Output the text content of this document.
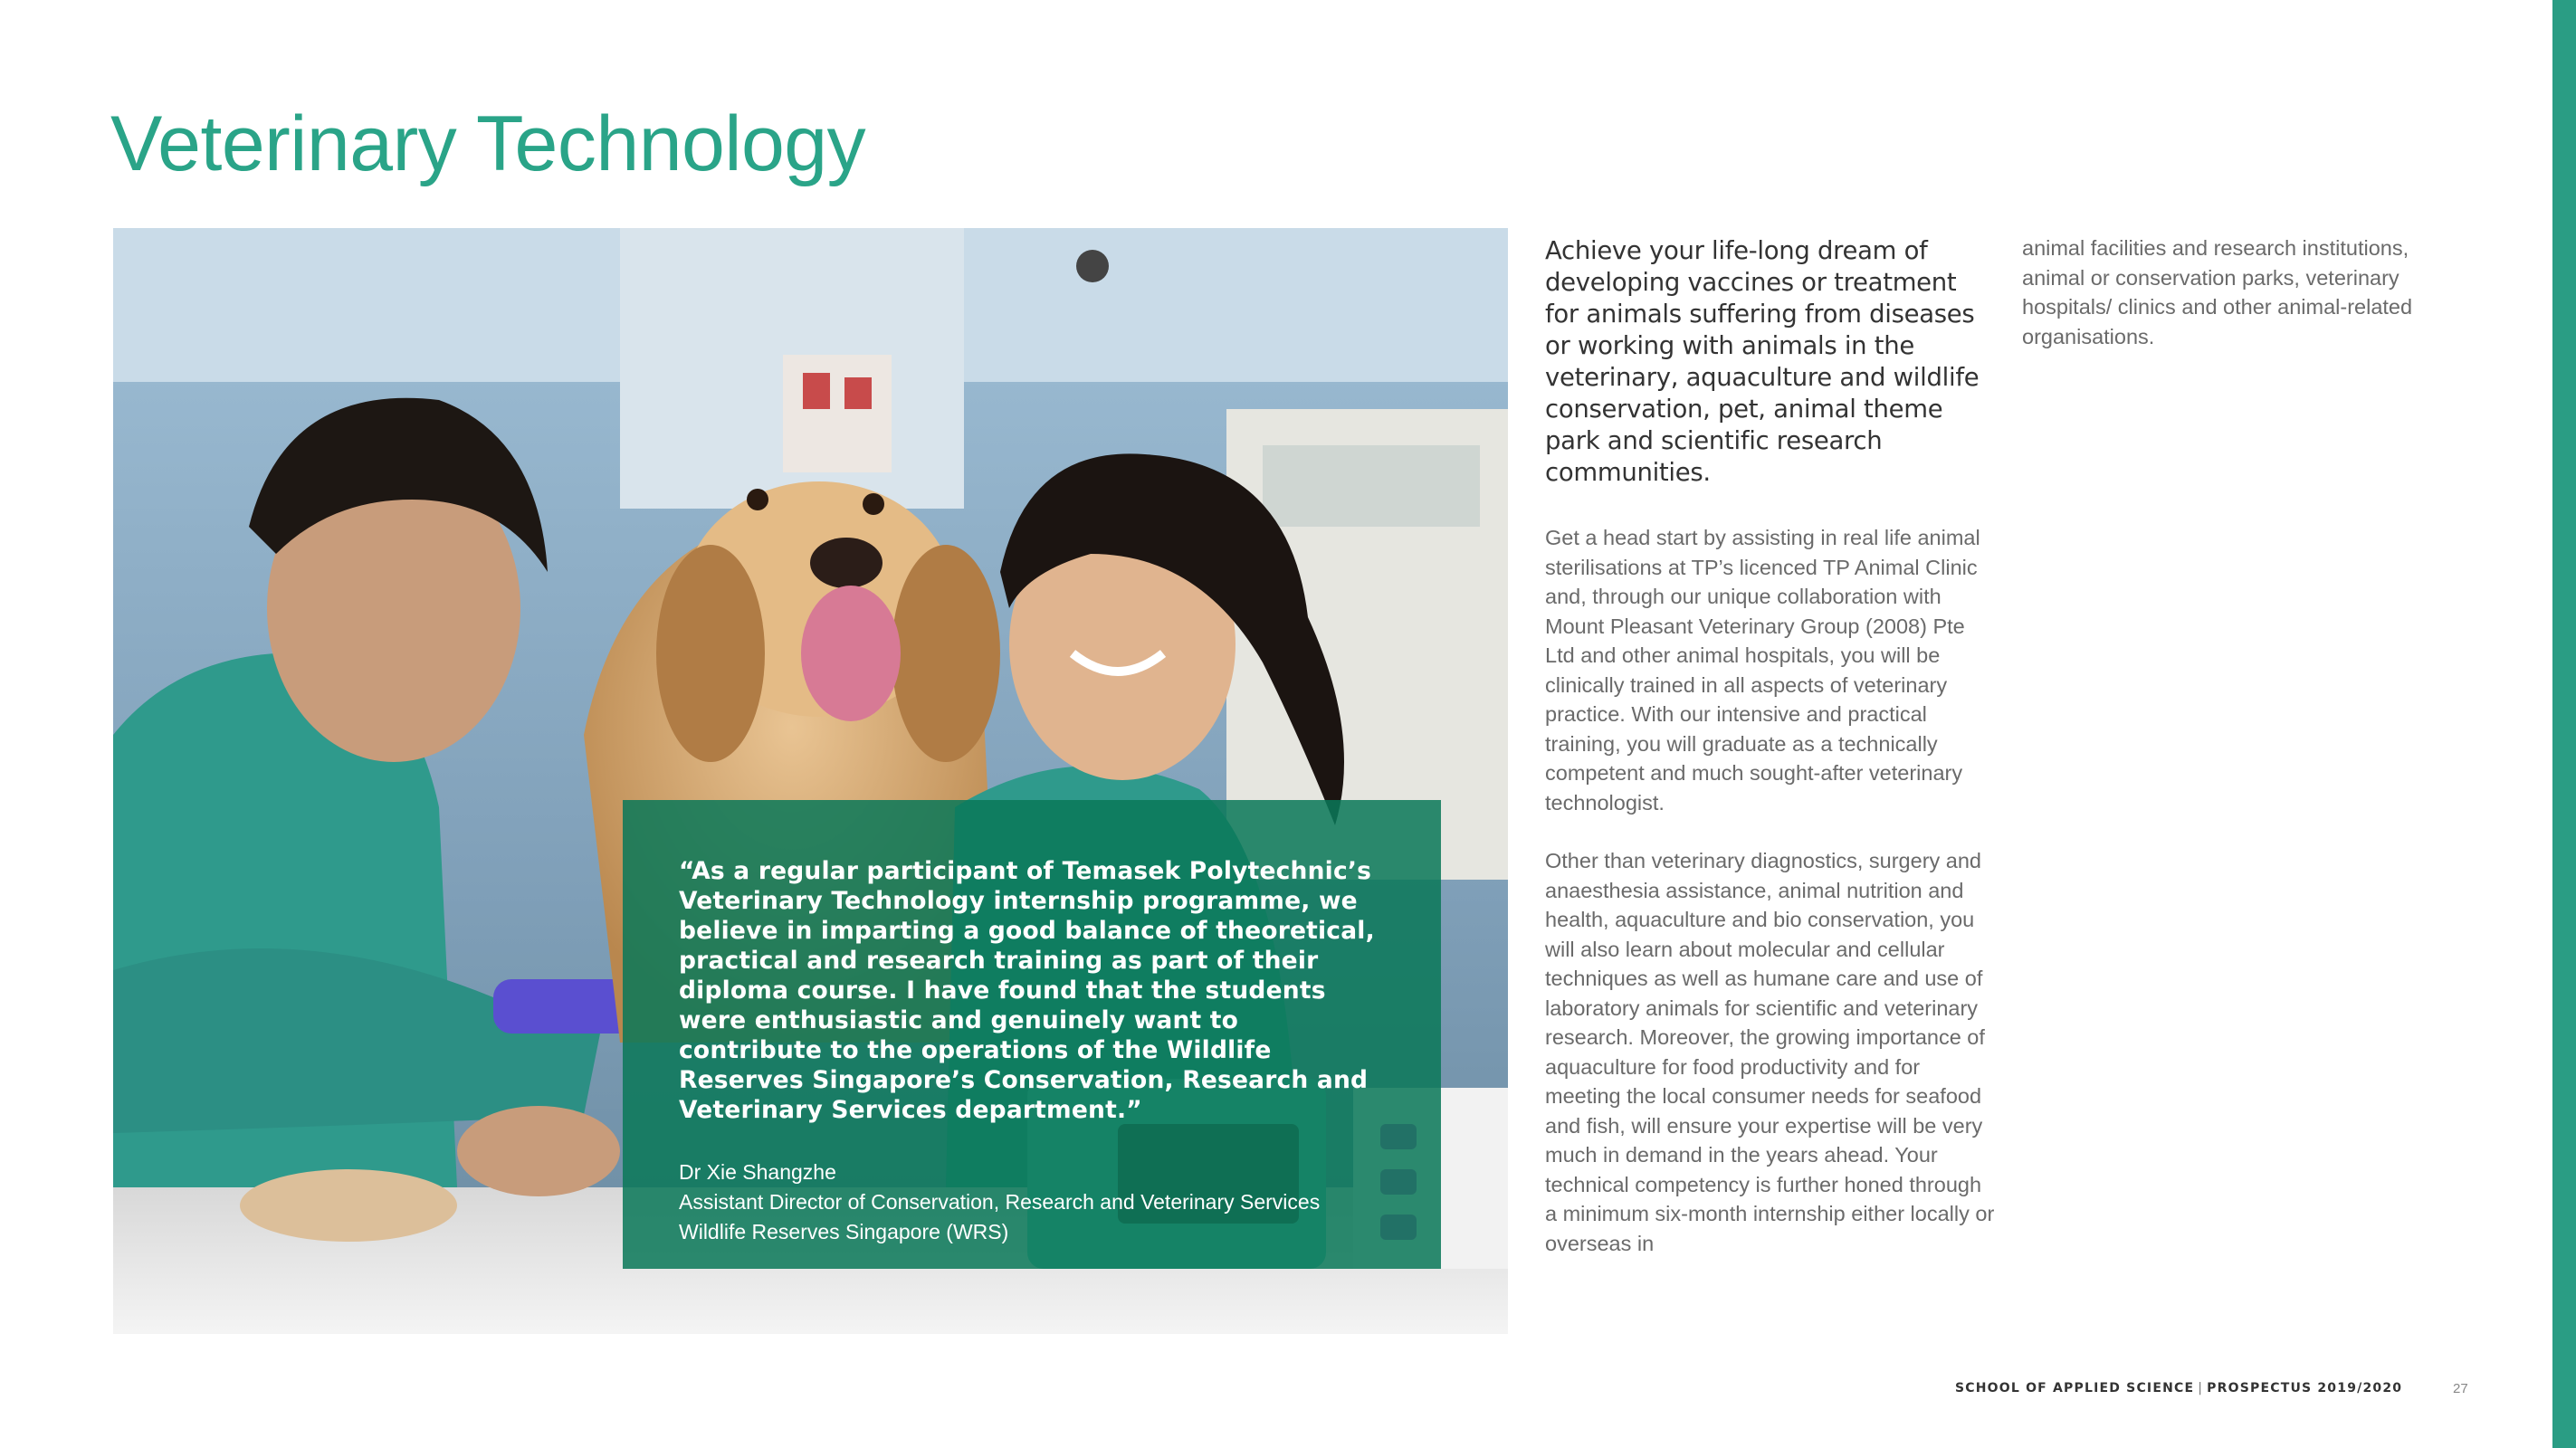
Veterinary Technology

“As a regular participant of Temasek Polytechnic’s Veterinary Technology internship programme, we believe in imparting a good balance of theoretical, practical and research training as part of their diploma course. I have found that the students were enthusiastic and genuinely want to contribute to the operations of the Wildlife Reserves Singapore’s Conservation, Research and Veterinary Services department.”

Dr Xie Shangzhe
Assistant Director of Conservation, Research and Veterinary Services
Wildlife Reserves Singapore (WRS)

Achieve your life-long dream of developing vaccines or treatment for animals suffering from diseases or working with animals in the veterinary, aquaculture and wildlife conservation, pet, animal theme park and scientific research communities.

Get a head start by assisting in real life animal sterilisations at TP’s licenced TP Animal Clinic and, through our unique collaboration with Mount Pleasant Veterinary Group (2008) Pte Ltd and other animal hospitals, you will be clinically trained in all aspects of veterinary practice. With our intensive and practical training, you will graduate as a technically competent and much sought-after veterinary technologist.

Other than veterinary diagnostics, surgery and anaesthesia assistance, animal nutrition and health, aquaculture and bio conservation, you will also learn about molecular and cellular techniques as well as humane care and use of laboratory animals for scientific and veterinary research. Moreover, the growing importance of aquaculture for food productivity and for meeting the local consumer needs for seafood and fish, will ensure your expertise will be very much in demand in the years ahead. Your technical competency is further honed through a minimum six-month internship either locally or overseas in

animal facilities and research institutions, animal or conservation parks, veterinary hospitals/ clinics and other animal-related organisations.

SCHOOL OF APPLIED SCIENCE | PROSPECTUS 2019/2020	27
